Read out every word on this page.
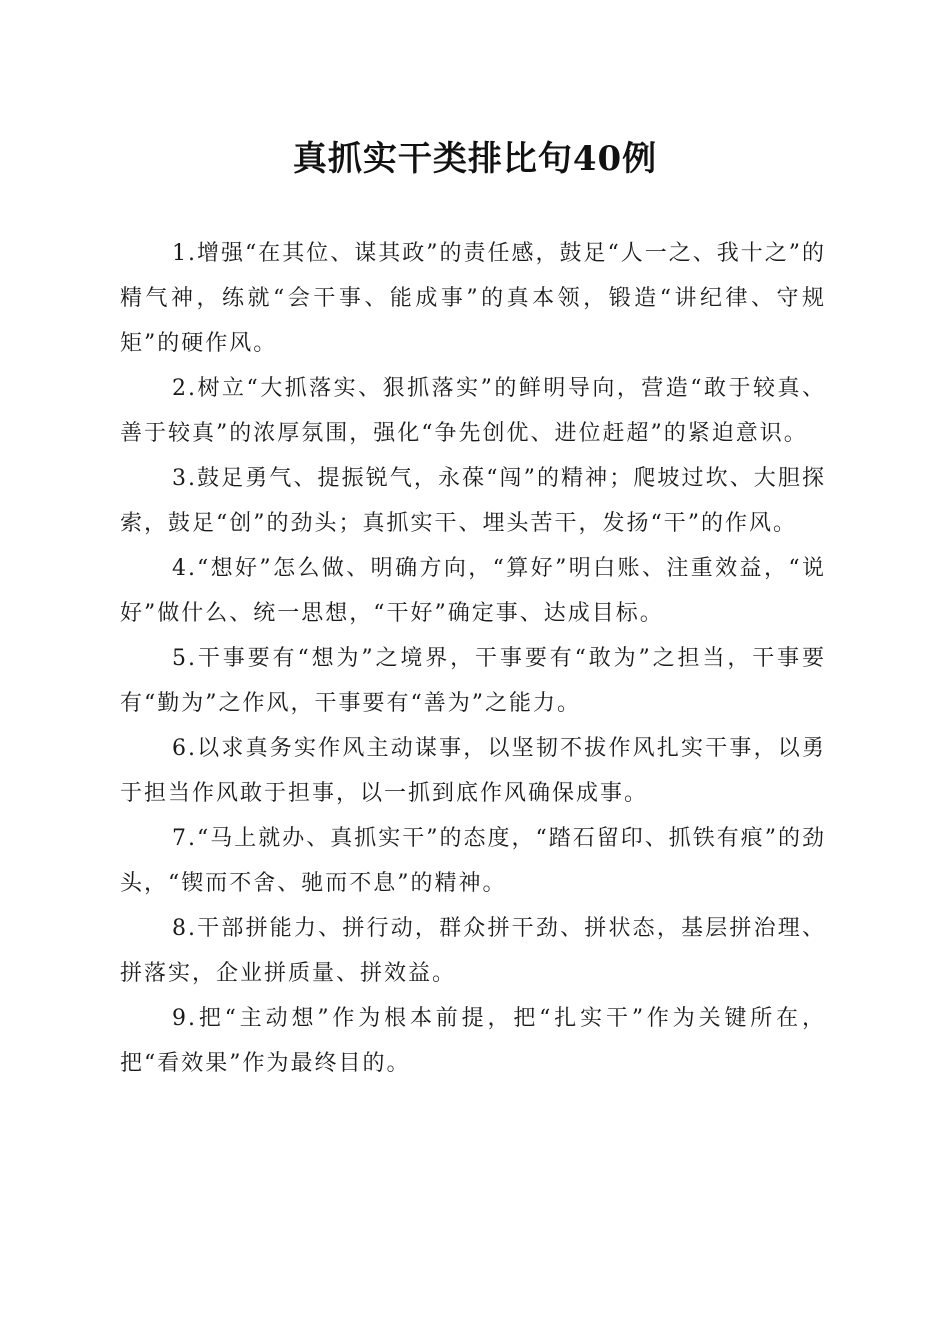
真抓实干类排比句40例

1.增强“在其位、谋其政”的责任感，鼓足“人一之、我十之”的精气神，练就“会干事、能成事”的真本领，锻造“讲纪律、守规矩”的硬作风。

2.树立“大抓落实、狠抓落实”的鲜明导向，营造“敢于较真、善于较真”的浓厚氛围，强化“争先创优、进位赶超”的紧迫意识。

3.鼓足勇气、提振锐气，永葆“闯”的精神；爬坡过坎、大胆探索，鼓足“创”的劲头；真抓实干、埋头苦干，发扬“干”的作风。

4.“想好”怎么做、明确方向，“算好”明白账、注重效益，“说好”做什么、统一思想，“干好”确定事、达成目标。

5.干事要有“想为”之境界，干事要有“敢为”之担当，干事要有“勤为”之作风，干事要有“善为”之能力。

6.以求真务实作风主动谋事，以坚韧不拔作风扎实干事，以勇于担当作风敢于担事，以一抓到底作风确保成事。

7.“马上就办、真抓实干”的态度，“踏石留印、抓铁有痕”的劲头，“锲而不舍、驰而不息”的精神。

8.干部拼能力、拼行动，群众拼干劲、拼状态，基层拼治理、拼落实，企业拼质量、拼效益。

9.把“主动想”作为根本前提，把“扎实干”作为关键所在，把“看效果”作为最终目的。
